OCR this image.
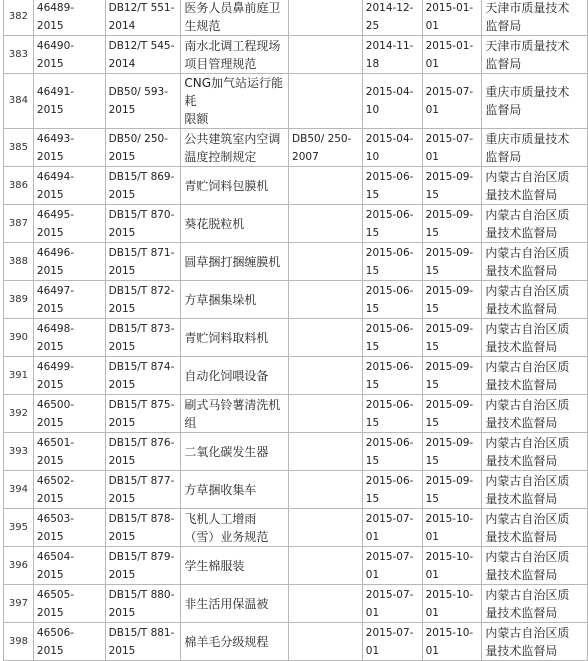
382	46489-
2015	DB12/T 551-
2014	医务人员鼻前庭卫
生规范		2014-12-
25	2015-01-
01	天津市质量技术
监督局
383	46490-
2015	DB12/T 545-
2014	南水北调工程现场
项目管理规范		2014-11-
18	2015-01-
01	天津市质量技术
监督局
384	46491-
2015	DB50/ 593-
2015	CNG加气站运行能耗
限额		2015-04-
10	2015-07-
01	重庆市质量技术
监督局
385	46493-
2015	DB50/ 250-
2015	公共建筑室内空调
温度控制规定	DB50/ 250-
2007	2015-04-
10	2015-07-
01	重庆市质量技术
监督局
386	46494-
2015	DB15/T 869-
2015	青贮饲料包膜机		2015-06-
15	2015-09-
15	内蒙古自治区质
量技术监督局
387	46495-
2015	DB15/T 870-
2015	葵花脱粒机		2015-06-
15	2015-09-
15	内蒙古自治区质
量技术监督局
388	46496-
2015	DB15/T 871-
2015	圆草捆打捆缠膜机		2015-06-
15	2015-09-
15	内蒙古自治区质
量技术监督局
389	46497-
2015	DB15/T 872-
2015	方草捆集垛机		2015-06-
15	2015-09-
15	内蒙古自治区质
量技术监督局
390	46498-
2015	DB15/T 873-
2015	青贮饲料取料机		2015-06-
15	2015-09-
15	内蒙古自治区质
量技术监督局
391	46499-
2015	DB15/T 874-
2015	自动化饲喂设备		2015-06-
15	2015-09-
15	内蒙古自治区质
量技术监督局
392	46500-
2015	DB15/T 875-
2015	刷式马铃薯清洗机
组		2015-06-
15	2015-09-
15	内蒙古自治区质
量技术监督局
393	46501-
2015	DB15/T 876-
2015	二氧化碳发生器		2015-06-
15	2015-09-
15	内蒙古自治区质
量技术监督局
394	46502-
2015	DB15/T 877-
2015	方草捆收集车		2015-06-
15	2015-09-
15	内蒙古自治区质
量技术监督局
395	46503-
2015	DB15/T 878-
2015	飞机人工增雨
（雪）业务规范		2015-07-
01	2015-10-
01	内蒙古自治区质
量技术监督局
396	46504-
2015	DB15/T 879-
2015	学生棉服装		2015-07-
01	2015-10-
01	内蒙古自治区质
量技术监督局
397	46505-
2015	DB15/T 880-
2015	非生活用保温被		2015-07-
01	2015-10-
01	内蒙古自治区质
量技术监督局
398	46506-
2015	DB15/T 881-
2015	棉羊毛分级规程		2015-07-
01	2015-10-
01	内蒙古自治区质
量技术监督局
